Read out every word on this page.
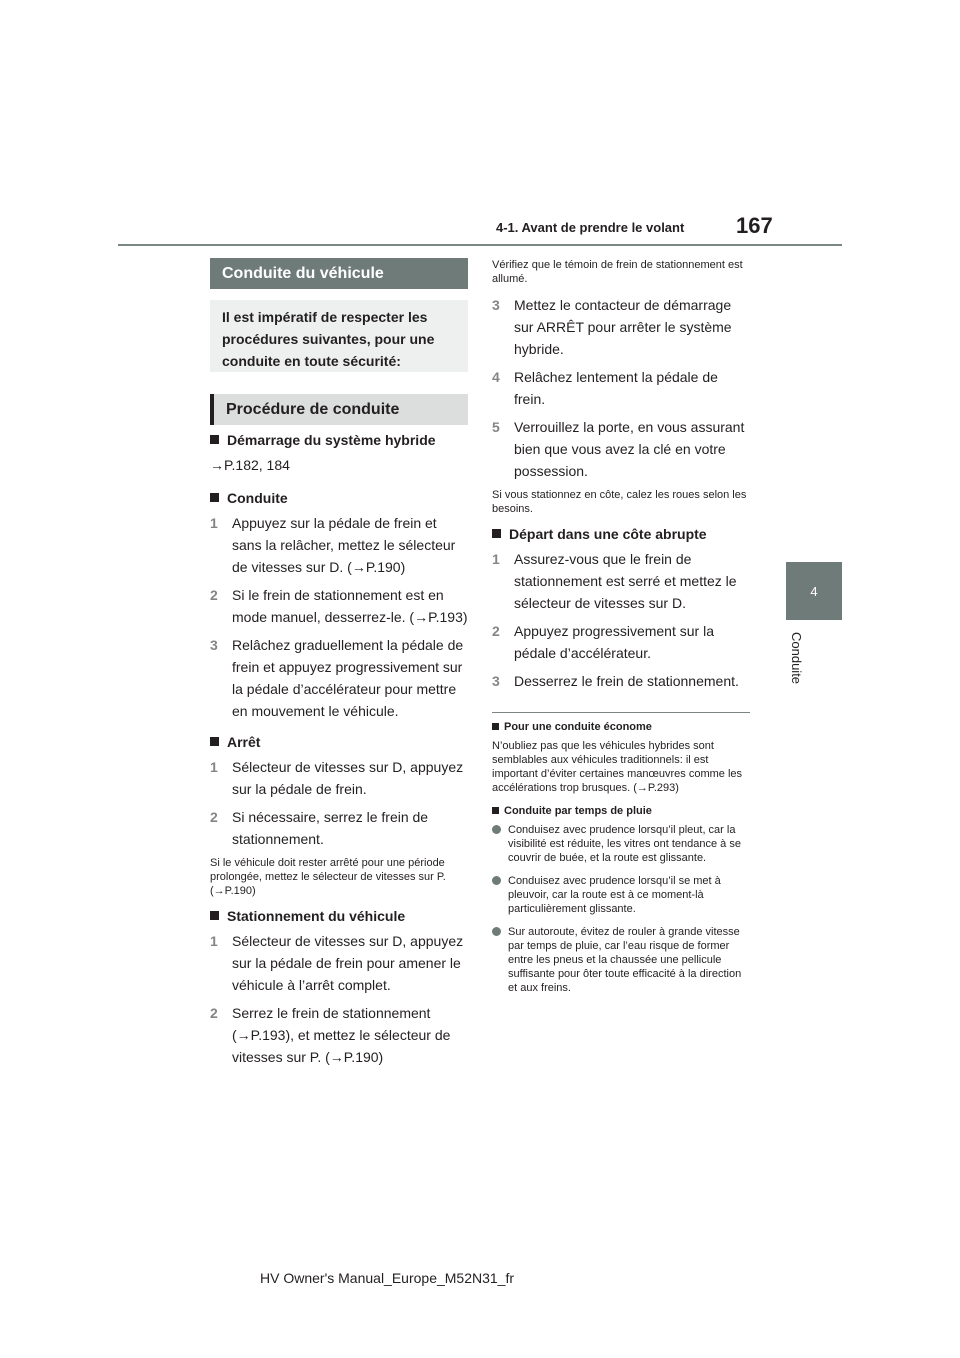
4-1. Avant de prendre le volant 167
4
Conduite
Conduite du véhicule
Il est impératif de respecter les procédures suivantes, pour une conduite en toute sécurité:
Procédure de conduite
Démarrage du système hybride
→P.182, 184
Conduite
1 Appuyez sur la pédale de frein et sans la relâcher, mettez le sélecteur de vitesses sur D. (→P.190)
2 Si le frein de stationnement est en mode manuel, desserrez-le. (→P.193)
3 Relâchez graduellement la pédale de frein et appuyez progressivement sur la pédale d’accélérateur pour mettre en mouvement le véhicule.
Arrêt
1 Sélecteur de vitesses sur D, appuyez sur la pédale de frein.
2 Si nécessaire, serrez le frein de stationnement.
Si le véhicule doit rester arrêté pour une période prolongée, mettez le sélecteur de vitesses sur P. (→P.190)
Stationnement du véhicule
1 Sélecteur de vitesses sur D, appuyez sur la pédale de frein pour amener le véhicule à l’arrêt complet.
2 Serrez le frein de stationnement (→P.193), et mettez le sélecteur de vitesses sur P. (→P.190)
Vérifiez que le témoin de frein de stationnement est allumé.
3 Mettez le contacteur de démarrage sur ARRÊT pour arrêter le système hybride.
4 Relâchez lentement la pédale de frein.
5 Verrouillez la porte, en vous assurant bien que vous avez la clé en votre possession.
Si vous stationnez en côte, calez les roues selon les besoins.
Départ dans une côte abrupte
1 Assurez-vous que le frein de stationnement est serré et mettez le sélecteur de vitesses sur D.
2 Appuyez progressivement sur la pédale d’accélérateur.
3 Desserrez le frein de stationnement.
Pour une conduite économe
N’oubliez pas que les véhicules hybrides sont semblables aux véhicules traditionnels: il est important d’éviter certaines manœuvres comme les accélérations trop brusques. (→P.293)
Conduite par temps de pluie
Conduisez avec prudence lorsqu’il pleut, car la visibilité est réduite, les vitres ont tendance à se couvrir de buée, et la route est glissante.
Conduisez avec prudence lorsqu’il se met à pleuvoir, car la route est à ce moment-là particulièrement glissante.
Sur autoroute, évitez de rouler à grande vitesse par temps de pluie, car l’eau risque de former entre les pneus et la chaussée une pellicule suffisante pour ôter toute efficacité à la direction et aux freins.
HV Owner's Manual_Europe_M52N31_fr
